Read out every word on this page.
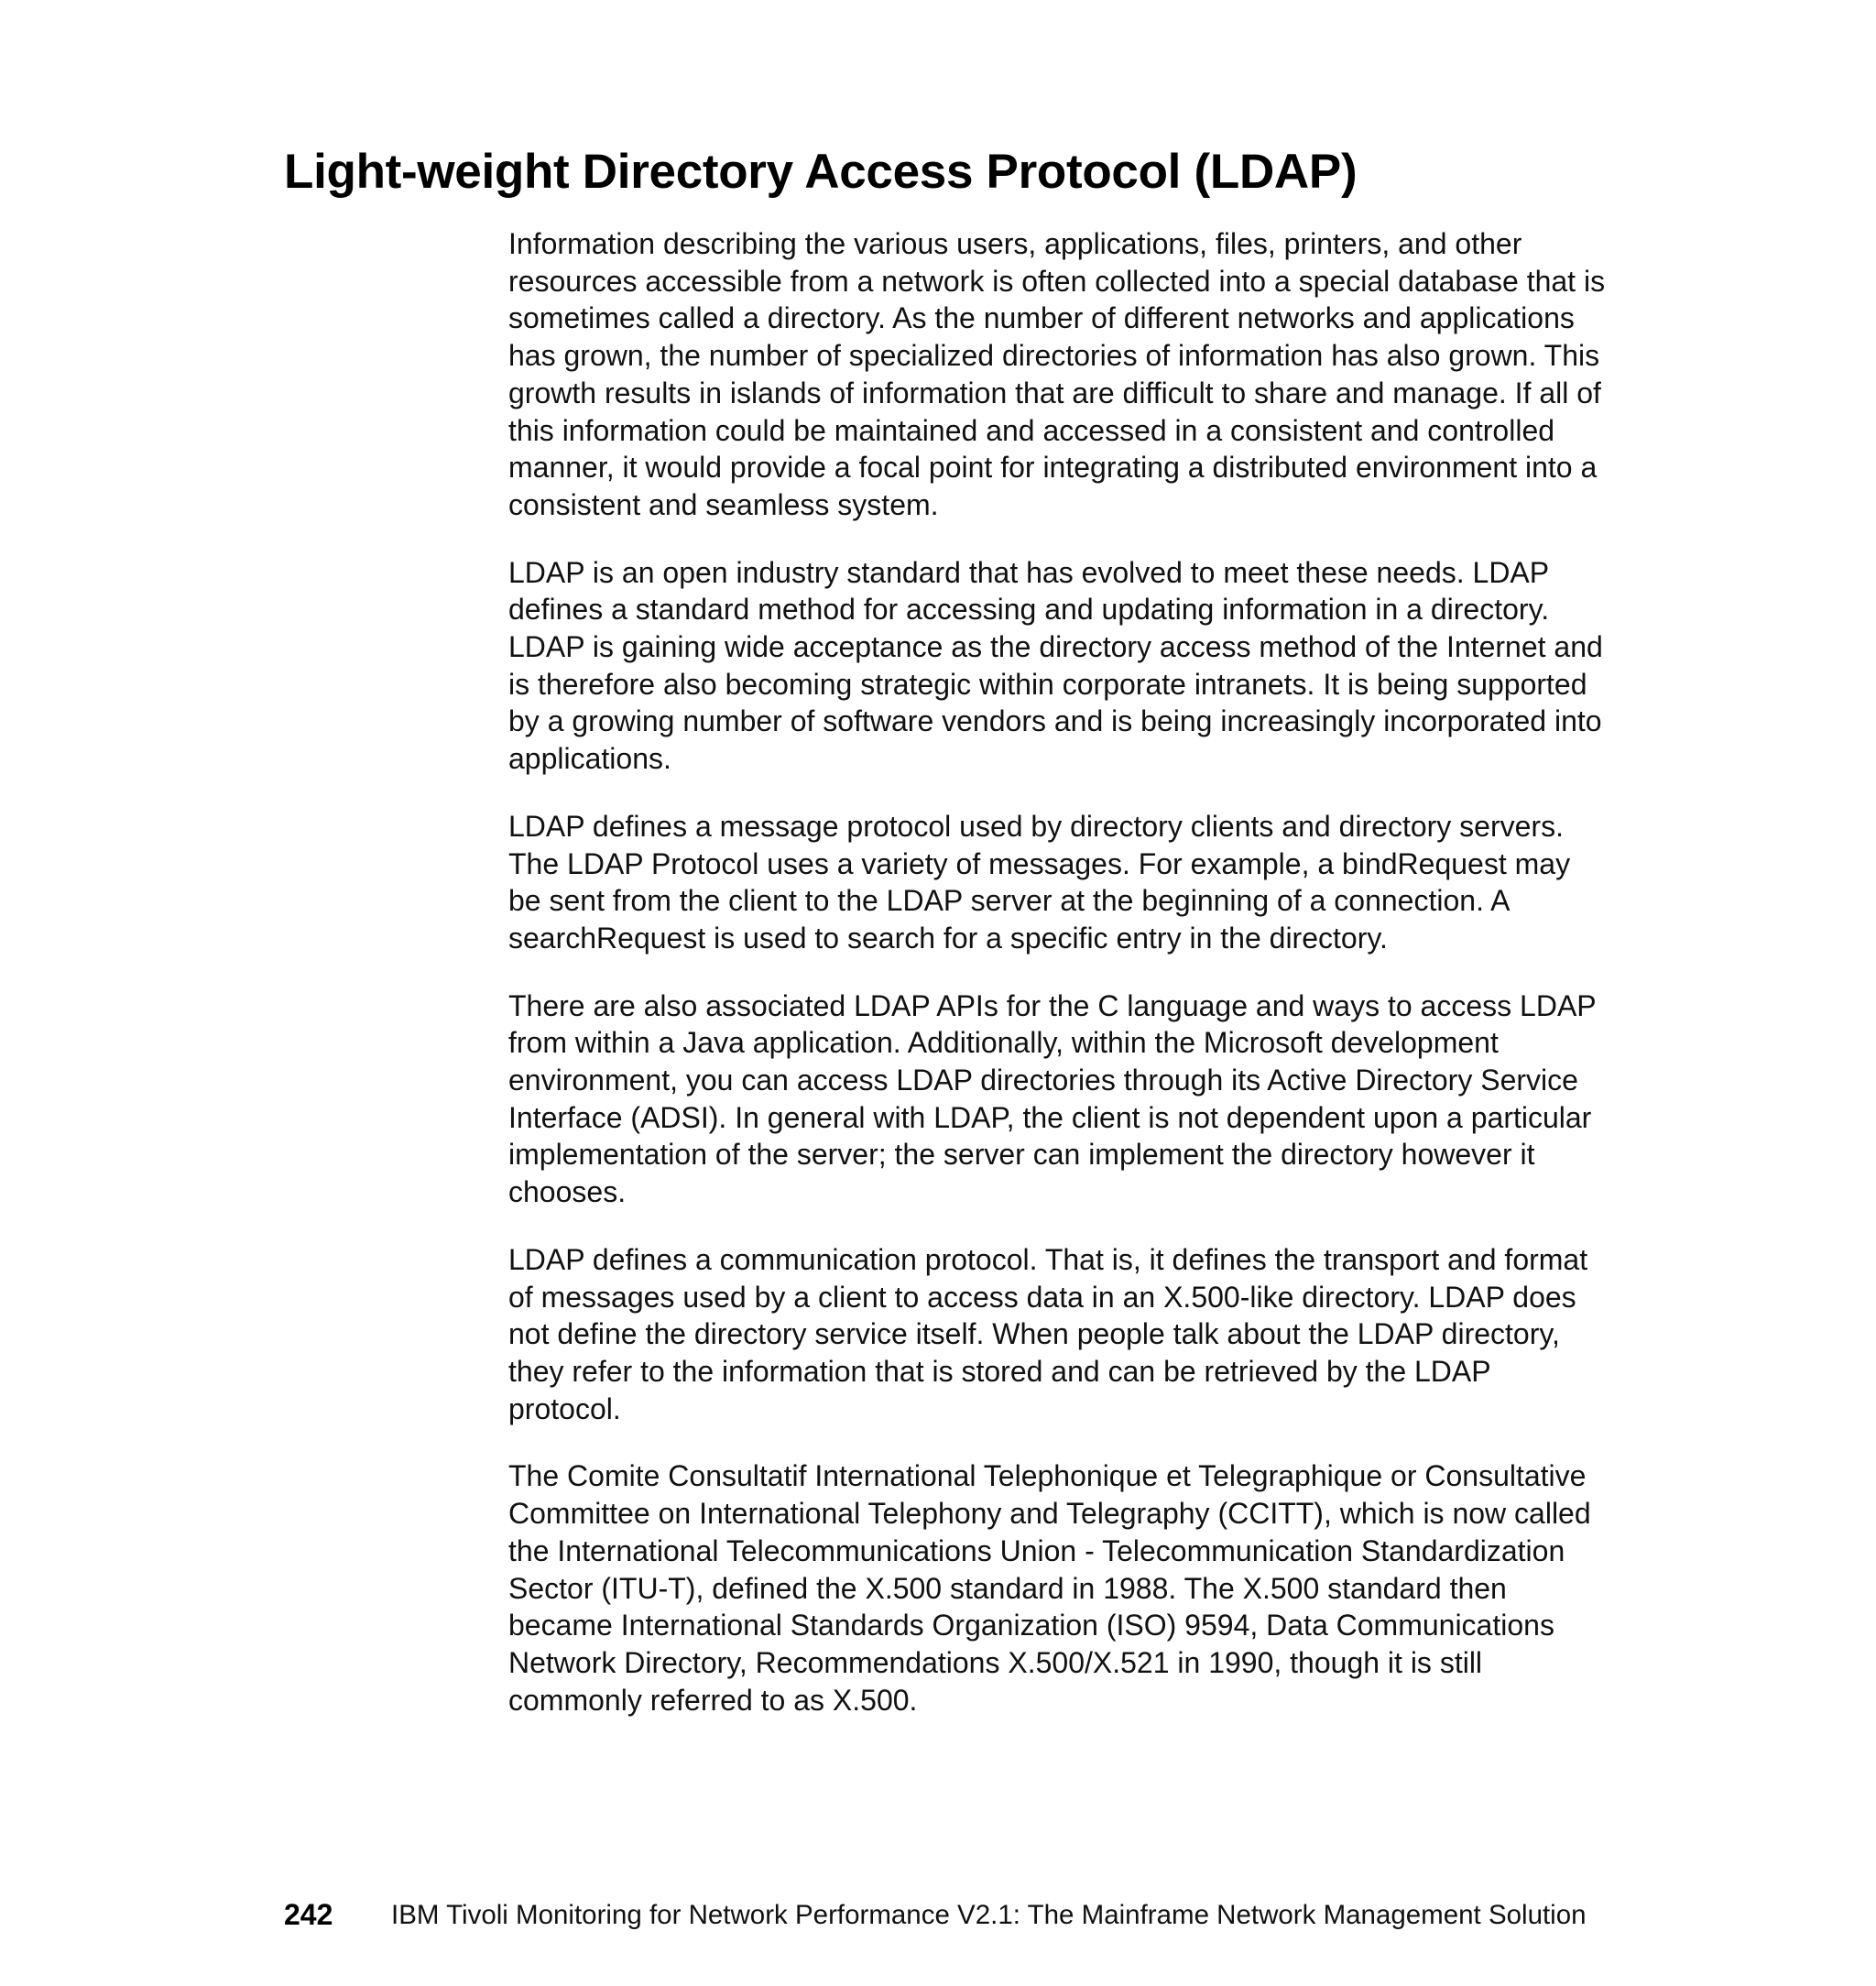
Light-weight Directory Access Protocol (LDAP)

Information describing the various users, applications, files, printers, and other resources accessible from a network is often collected into a special database that is sometimes called a directory. As the number of different networks and applications has grown, the number of specialized directories of information has also grown. This growth results in islands of information that are difficult to share and manage. If all of this information could be maintained and accessed in a consistent and controlled manner, it would provide a focal point for integrating a distributed environment into a consistent and seamless system.

LDAP is an open industry standard that has evolved to meet these needs. LDAP defines a standard method for accessing and updating information in a directory. LDAP is gaining wide acceptance as the directory access method of the Internet and is therefore also becoming strategic within corporate intranets. It is being supported by a growing number of software vendors and is being increasingly incorporated into applications.

LDAP defines a message protocol used by directory clients and directory servers. The LDAP Protocol uses a variety of messages. For example, a bindRequest may be sent from the client to the LDAP server at the beginning of a connection. A searchRequest is used to search for a specific entry in the directory.

There are also associated LDAP APIs for the C language and ways to access LDAP from within a Java application. Additionally, within the Microsoft development environment, you can access LDAP directories through its Active Directory Service Interface (ADSI). In general with LDAP, the client is not dependent upon a particular implementation of the server; the server can implement the directory however it chooses.

LDAP defines a communication protocol. That is, it defines the transport and format of messages used by a client to access data in an X.500-like directory. LDAP does not define the directory service itself. When people talk about the LDAP directory, they refer to the information that is stored and can be retrieved by the LDAP protocol.

The Comite Consultatif International Telephonique et Telegraphique or Consultative Committee on International Telephony and Telegraphy (CCITT), which is now called the International Telecommunications Union - Telecommunication Standardization Sector (ITU-T), defined the X.500 standard in 1988. The X.500 standard then became International Standards Organization (ISO) 9594, Data Communications Network Directory, Recommendations X.500/X.521 in 1990, though it is still commonly referred to as X.500.

242 IBM Tivoli Monitoring for Network Performance V2.1: The Mainframe Network Management Solution
